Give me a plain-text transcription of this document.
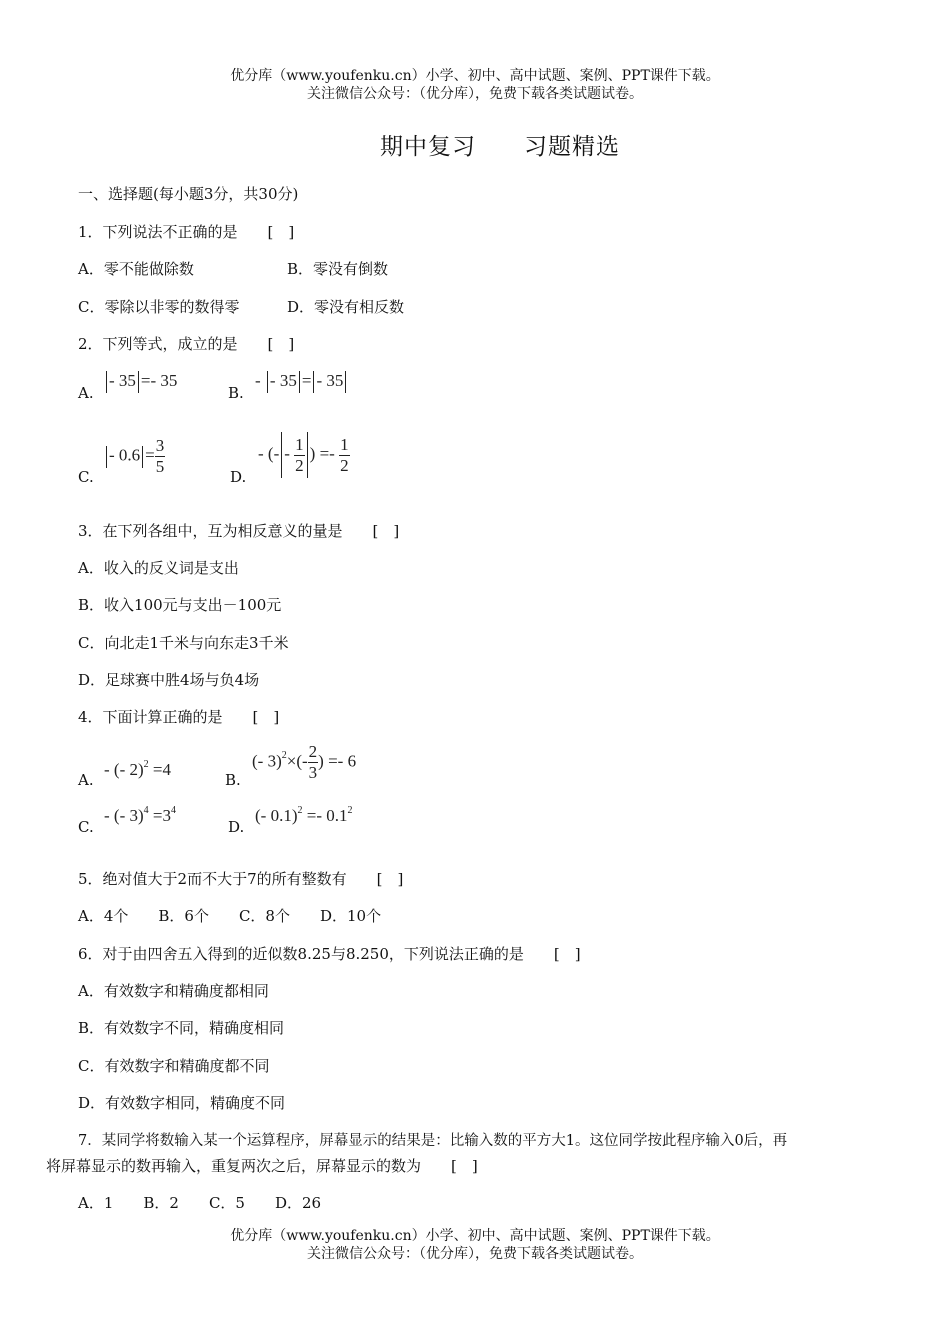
优分库（www.youfenku.cn）小学、初中、高中试题、案例、PPT课件下载。
关注微信公众号：（优分库），免费下载各类试题试卷。
期中复习　　习题精选
一、选择题(每小题3分，共30分)
1．下列说法不正确的是　　[　]
A．零不能做除数	B．零没有倒数
C．零除以非零的数得零	D．零没有相反数
2．下列等式，成立的是　　[　]
A.
- 35 =- 35
B.
- - 35 = - 35
C.
- $0.6 = \frac{3}{5}$	D.
- (- - $\frac{1}{2}$ ) =- $\frac{1}{2}$
3．在下列各组中，互为相反意义的量是　　[　]
A．收入的反义词是支出
B．收入100元与支出－100元
C．向北走1千米与向东走3千米
D．足球赛中胜4场与负4场
4．下面计算正确的是　　[　]
A.
- (- 2)$^2$ =4
B.
(- $3)^2\times(- \frac{2}{3}$ ) =- 6
C.
- (- $3)^4 =3^4$
D.
(- $0.1)^2 =- 0.1^2$
5．绝对值大于2而不大于7的所有整数有　　[　]
A．4个　　B．6个　　C．8个　　D．10个
6．对于由四舍五入得到的近似数8.25与8.250，下列说法正确的是　　[　]
A．有效数字和精确度都相同
B．有效数字不同，精确度相同
C．有效数字和精确度都不同
D．有效数字相同，精确度不同
7．某同学将数输入某一个运算程序，屏幕显示的结果是：比输入数的平方大1。这位同学按此程序输入0后，再
将屏幕显示的数再输入，重复两次之后，屏幕显示的数为　　[　]
A．1　　B．2　　C．5　　D．26
优分库（www.youfenku.cn）小学、初中、高中试题、案例、PPT课件下载。
关注微信公众号：（优分库），免费下载各类试题试卷。
